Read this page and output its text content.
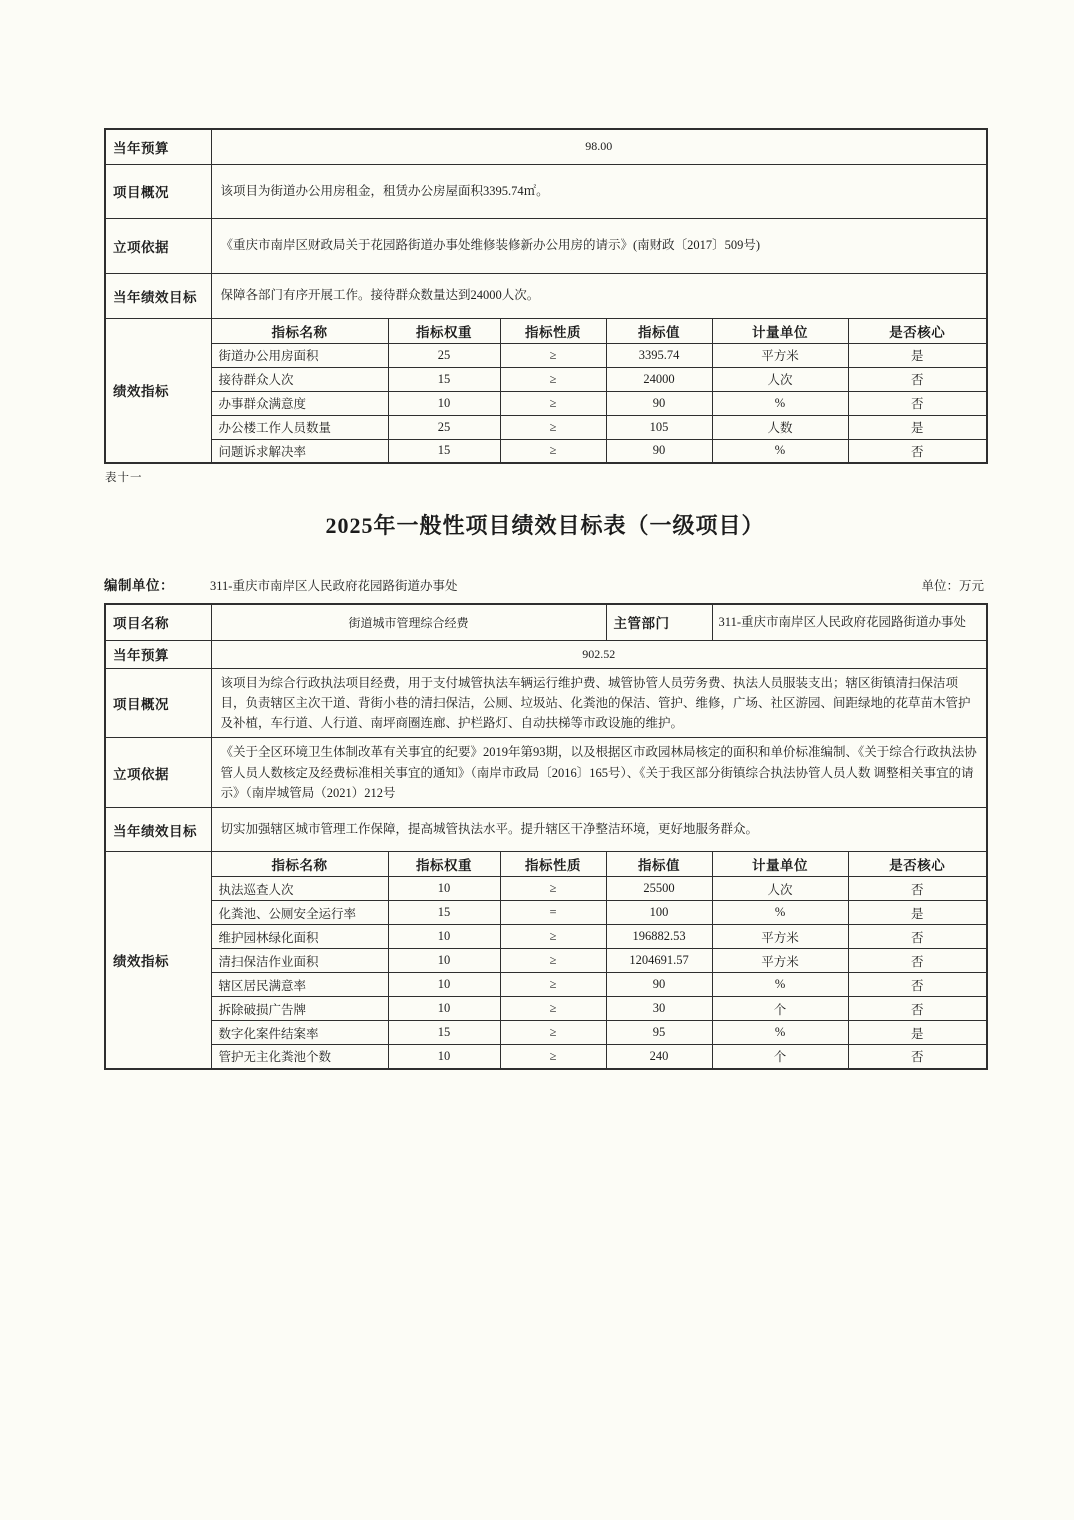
当年预算	98.00					
项目概况	该项目为街道办公用房租金，租赁办公房屋面积3395.74㎡。					
立项依据	《重庆市南岸区财政局关于花园路街道办事处维修装修新办公用房的请示》(南财政〔2017〕509号)					
当年绩效目标	保障各部门有序开展工作。接待群众数量达到24000人次。					
绩效指标	指标名称	指标权重	指标性质	指标值	计量单位	是否核心
	街道办公用房面积	25	≥	3395.74	平方米	是
	接待群众人次	15	≥	24000	人次	否
	办事群众满意度	10	≥	90	%	否
	办公楼工作人员数量	25	≥	105	人数	是
	问题诉求解决率	15	≥	90	%	否
表十一
2025年一般性项目绩效目标表（一级项目）
编制单位：	311-重庆市南岸区人民政府花园路街道办事处	单位：万元
项目名称	街道城市管理综合经费			主管部门	311-重庆市南岸区人民政府花园路街道办事处	
当年预算	902.52					
项目概况	该项目为综合行政执法项目经费，用于支付城管执法车辆运行维护费、城管协管人员劳务费、执法人员服装支出；辖区街镇清扫保洁项目，负责辖区主次干道、背街小巷的清扫保洁，公厕、垃圾站、化粪池的保洁、管护、维修，广场、社区游园、间距绿地的花草苗木管护及补植，车行道、人行道、南坪商圈连廊、护栏路灯、自动扶梯等市政设施的维护。					
立项依据	《关于全区环境卫生体制改革有关事宜的纪要》2019年第93期，以及根据区市政园林局核定的面积和单价标准编制、《关于综合行政执法协管人员人数核定及经费标准相关事宜的通知》（南岸市政局〔2016〕165号）、《关于我区部分街镇综合执法协管人员人数 调整相关事宜的请示》（南岸城管局（2021）212号					
当年绩效目标	切实加强辖区城市管理工作保障，提高城管执法水平。提升辖区干净整洁环境，更好地服务群众。					
绩效指标	指标名称	指标权重	指标性质	指标值	计量单位	是否核心
	执法巡查人次	10	≥	25500	人次	否
	化粪池、公厕安全运行率	15	=	100	%	是
	维护园林绿化面积	10	≥	196882.53	平方米	否
	清扫保洁作业面积	10	≥	1204691.57	平方米	否
	辖区居民满意率	10	≥	90	%	否
	拆除破损广告牌	10	≥	30	个	否
	数字化案件结案率	15	≥	95	%	是
	管护无主化粪池个数	10	≥	240	个	否
